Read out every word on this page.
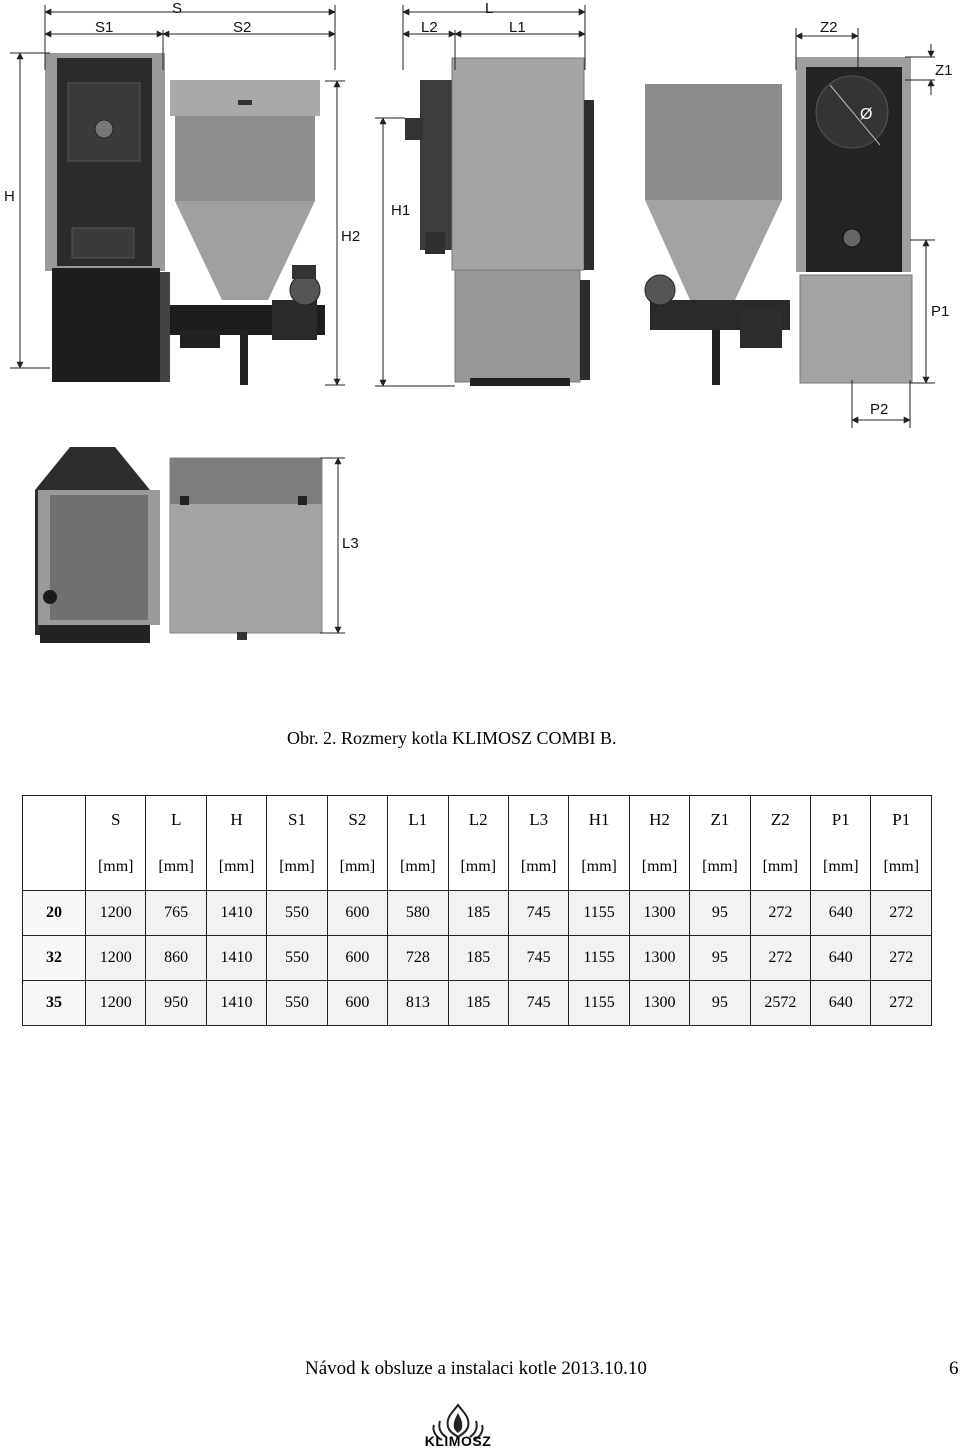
S
S1	S2
L
L2	L1	Z2
Z1
H
H2
H1
P1
P2
L3
Ø
Obr. 2. Rozmery kotla KLIMOSZ COMBI B.
	S	L	H	S1	S2	L1	L2	L3	H1	H2	Z1	Z2	P1	P1
	[mm]	[mm]	[mm]	[mm]	[mm]	[mm]	[mm]	[mm]	[mm]	[mm]	[mm]	[mm]	[mm]	[mm]
20	1200	765	1410	550	600	580	185	745	1155	1300	95	272	640	272
32	1200	860	1410	550	600	728	185	745	1155	1300	95	272	640	272
35	1200	950	1410	550	600	813	185	745	1155	1300	95	2572	640	272
Návod k obsluze a instalaci kotle 2013.10.10	6
KLIMOSZ
